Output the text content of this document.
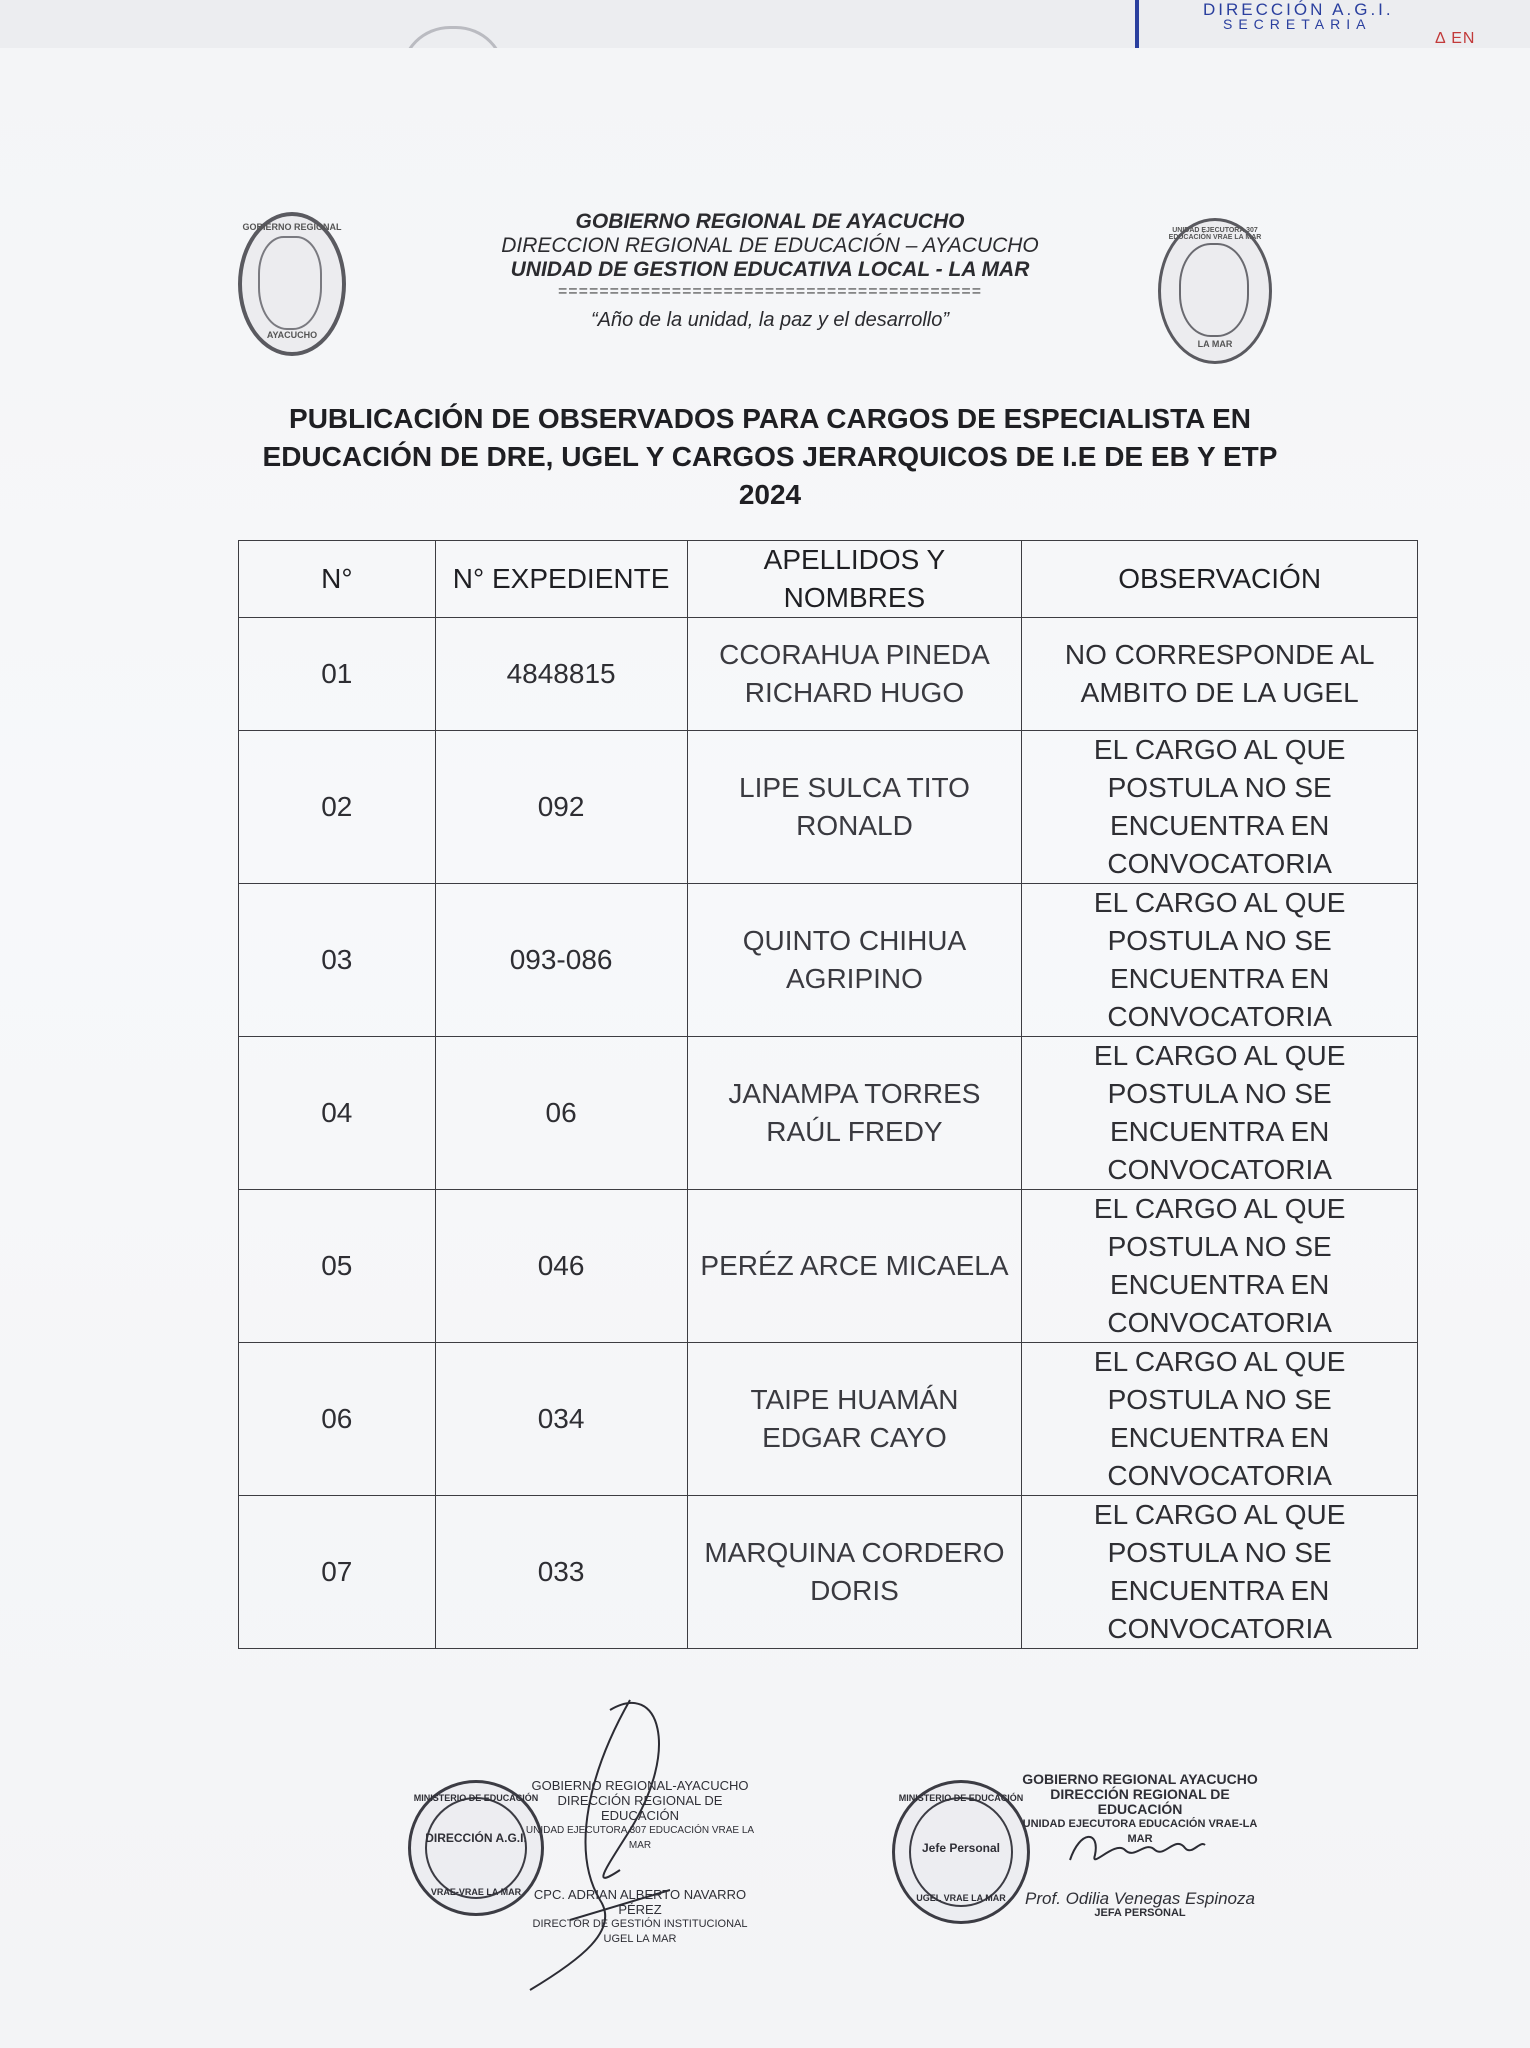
DIRECCIÓN A.G.I.
SECRETARIA
Δ EN
GOBIERNO REGIONAL
AYACUCHO
GOBIERNO REGIONAL DE AYACUCHO
DIRECCION REGIONAL DE EDUCACIÓN – AYACUCHO
UNIDAD DE GESTION EDUCATIVA LOCAL - LA MAR
=========================================
“Año de la unidad, la paz y el desarrollo”
UNIDAD EJECUTORA 307 EDUCACIÓN VRAE LA MAR
LA MAR
PUBLICACIÓN DE OBSERVADOS PARA CARGOS DE ESPECIALISTA EN EDUCACIÓN DE DRE, UGEL Y CARGOS JERARQUICOS DE I.E DE EB Y ETP 2024
N°	N° EXPEDIENTE	APELLIDOS Y NOMBRES	OBSERVACIÓN
01	4848815	CCORAHUA PINEDA RICHARD HUGO	NO CORRESPONDE AL AMBITO DE LA UGEL
02	092	LIPE SULCA TITO RONALD	EL CARGO AL QUE POSTULA NO SE ENCUENTRA EN CONVOCATORIA
03	093-086	QUINTO CHIHUA AGRIPINO	EL CARGO AL QUE POSTULA NO SE ENCUENTRA EN CONVOCATORIA
04	06	JANAMPA TORRES RAÚL FREDY	EL CARGO AL QUE POSTULA NO SE ENCUENTRA EN CONVOCATORIA
05	046	PERÉZ ARCE MICAELA	EL CARGO AL QUE POSTULA NO SE ENCUENTRA EN CONVOCATORIA
06	034	TAIPE HUAMÁN EDGAR CAYO	EL CARGO AL QUE POSTULA NO SE ENCUENTRA EN CONVOCATORIA
07	033	MARQUINA CORDERO DORIS	EL CARGO AL QUE POSTULA NO SE ENCUENTRA EN CONVOCATORIA
MINISTERIO DE EDUCACIÓN
DIRECCIÓN A.G.I.
VRAE-VRAE LA MAR
GOBIERNO REGIONAL-AYACUCHO
DIRECCIÓN REGIONAL DE EDUCACIÓN
UNIDAD EJECUTORA 307 EDUCACIÓN VRAE LA MAR
CPC. ADRIAN ALBERTO NAVARRO PÉREZ
DIRECTOR DE GESTIÓN INSTITUCIONAL
UGEL LA MAR
MINISTERIO DE EDUCACIÓN
Jefe Personal
UGEL VRAE LA MAR
GOBIERNO REGIONAL AYACUCHO
DIRECCIÓN REGIONAL DE EDUCACIÓN
UNIDAD EJECUTORA EDUCACIÓN VRAE-LA MAR
Prof. Odilia Venegas Espinoza
JEFA PERSONAL
